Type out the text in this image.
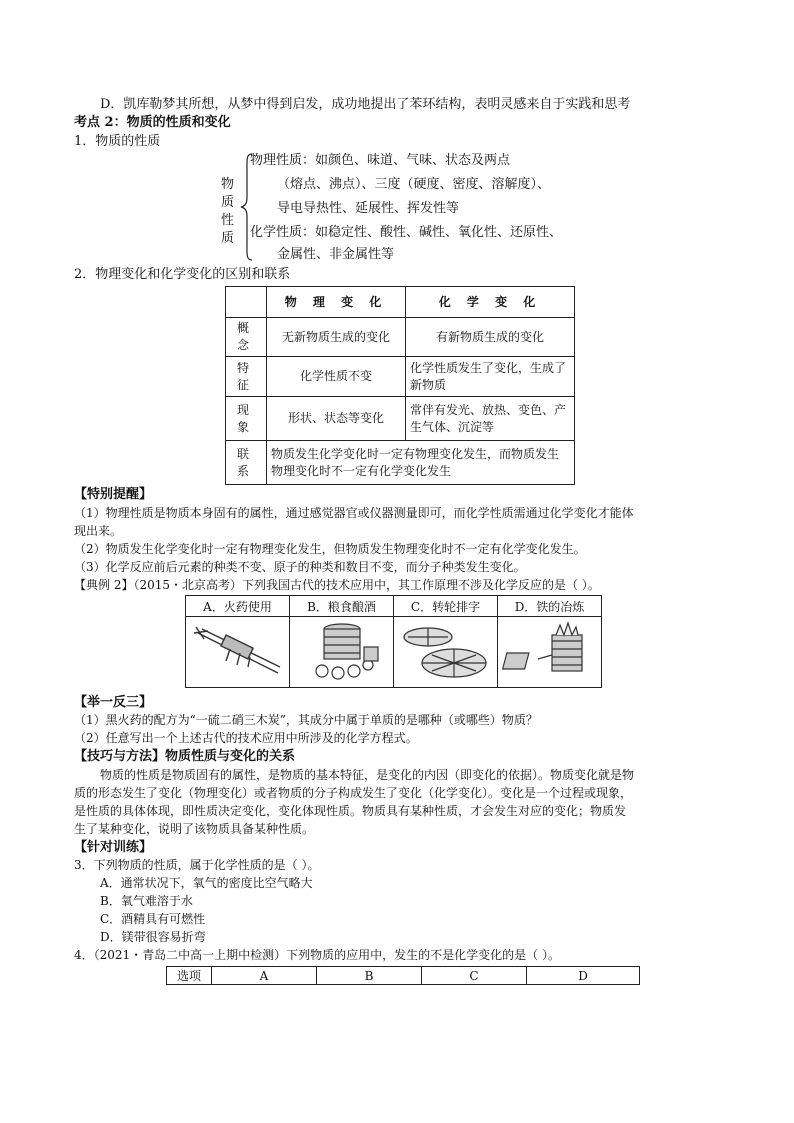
D．凯库勒梦其所想，从梦中得到启发，成功地提出了苯环结构，表明灵感来自于实践和思考
考点 2：物质的性质和变化
1．物质的性质
物
质
性
质
物理性质：如颜色、味道、气味、状态及两点
（熔点、沸点）、三度（硬度、密度、溶解度）、
导电导热性、延展性、挥发性等
化学性质：如稳定性、酸性、碱性、氧化性、还原性、
金属性、非金属性等
2．物理变化和化学变化的区别和联系
	物 理 变 化	化 学 变 化
概念	无新物质生成的变化	有新物质生成的变化
特征	化学性质不变	化学性质发生了变化，生成了新物质
现象	形状、状态等变化	常伴有发光、放热、变色、产生气体、沉淀等
联系	物质发生化学变化时一定有物理变化发生，而物质发生物理变化时不一定有化学变化发生	
【特别提醒】
（1）物理性质是物质本身固有的属性，通过感觉器官或仪器测量即可，而化学性质需通过化学变化才能体
现出来。
（2）物质发生化学变化时一定有物理变化发生，但物质发生物理变化时不一定有化学变化发生。
（3）化学反应前后元素的种类不变、原子的种类和数目不变，而分子种类发生变化。
【典例 2】（2015・北京高考）下列我国古代的技术应用中，其工作原理不涉及化学反应的是（ ）。
A．火药使用	B．粮食酿酒	C．转轮排字	D．铁的冶炼

【举一反三】
（1）黑火药的配方为“一硫二硝三木炭”，其成分中属于单质的是哪种（或哪些）物质？
（2）任意写出一个上述古代的技术应用中所涉及的化学方程式。
【技巧与方法】物质性质与变化的关系
物质的性质是物质固有的属性，是物质的基本特征，是变化的内因（即变化的依据）。物质变化就是物
质的形态发生了变化（物理变化）或者物质的分子构成发生了变化（化学变化）。变化是一个过程或现象，
是性质的具体体现，即性质决定变化，变化体现性质。物质具有某种性质，才会发生对应的变化；物质发
生了某种变化，说明了该物质具备某种性质。
【针对训练】
3．下列物质的性质，属于化学性质的是（ ）。
A．通常状况下，氧气的密度比空气略大
B．氧气难溶于水
C．酒精具有可燃性
D．镁带很容易折弯
4．（2021・青岛二中高一上期中检测）下列物质的应用中，发生的不是化学变化的是（ ）。
选项	A	B	C	D
